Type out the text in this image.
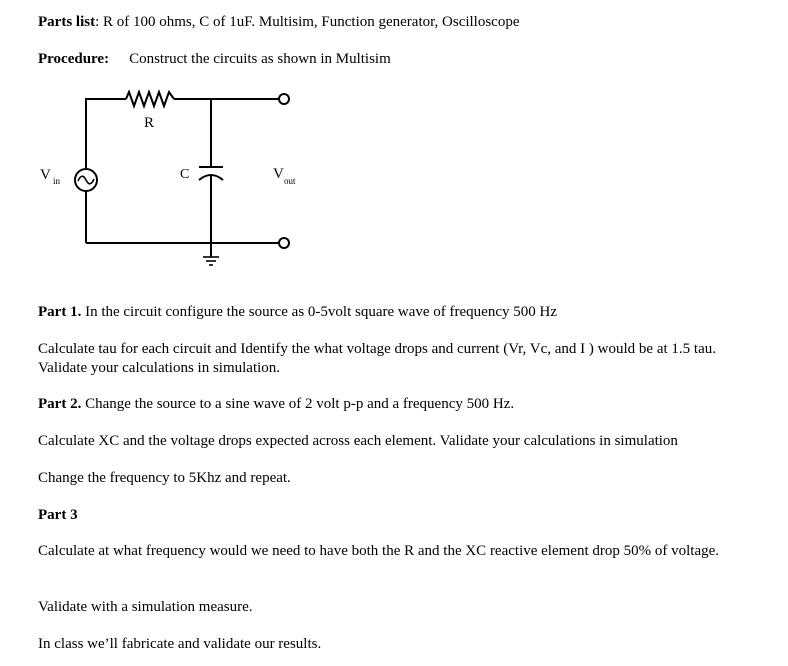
Parts list: R of 100 ohms, C of 1uF. Multisim, Function generator, Oscilloscope
Procedure: Construct the circuits as shown in Multisim
R
C
V in	V out
Part 1. In the circuit configure the source as 0-5volt square wave of frequency 500 Hz
Calculate tau for each circuit and Identify the what voltage drops and current (Vr, Vc, and I ) would be at 1.5 tau. Validate your calculations in simulation.
Part 2. Change the source to a sine wave of 2 volt p-p and a frequency 500 Hz.
Calculate XC and the voltage drops expected across each element. Validate your calculations in simulation
Change the frequency to 5Khz and repeat.
Part 3
Calculate at what frequency would we need to have both the R and the XC reactive element drop 50% of voltage.
Validate with a simulation measure.
In class we’ll fabricate and validate our results.
